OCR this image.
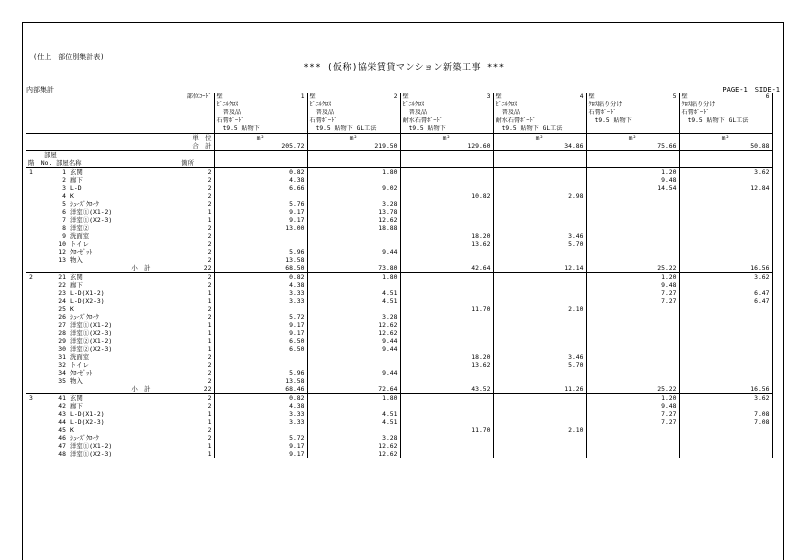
(仕上　部位別集計表)
*** (仮称)協栄賃貸マンション新築工事 ***
内部集計	PAGE-1　SIDE-1
部位ｺｰﾄﾞ		壁 1	壁 2	壁 3	壁 4	壁 5	壁 6

		ﾋﾞﾆﾙｸﾛｽ	ﾋﾞﾆﾙｸﾛｽ	ﾋﾞﾆﾙｸﾛｽ	ﾋﾞﾆﾙｸﾛｽ	ｸﾛｽ貼り分け	ｸﾛｽ貼り分け
		　普及品	　普及品	　普及品	　普及品	石膏ﾎﾞｰﾄﾞ	石膏ﾎﾞｰﾄﾞ
		石膏ﾎﾞｰﾄﾞ	石膏ﾎﾞｰﾄﾞ	耐水石膏ﾎﾞｰﾄﾞ	耐水石膏ﾎﾞｰﾄﾞ	　t9.5 貼物下	　t9.5 貼物下 GL工法
		　t9.5 貼物下	　t9.5 貼物下 GL工法	　t9.5 貼物下	　t9.5 貼物下 GL工法		
単　位		m²	m²	m²	m²	m²	m²
合　計		205.72	219.50	129.60	34.86	75.66	50.88
部屋							

階　No. 部屋名称 箇所							

1 1 玄関	2	0.82	1.80			1.20	3.62

2 廊下	2	4.38				9.48	

3 L-D	2	6.66	9.02			14.54	12.84

4 K	2			10.82	2.98		

5 ｼｭｰｽﾞｸﾛｰｸ	2	5.76	3.28				

6 洋室①(X1-2)	1	9.17	13.78				

7 洋室①(X2-3)	1	9.17	12.62				

8 洋室②	2	13.00	18.88				

9 洗面室	2			18.20	3.46		

10 トイレ	2			13.62	5.70		

12 ｸﾛｰｾﾞｯﾄ	2	5.96	9.44				

13 物入	2	13.58					
小　計	22	68.50	73.80	42.64	12.14	25.22	16.56

2 21 玄関	2	0.82	1.80			1.20	3.62

22 廊下	2	4.38				9.48	

23 L-D(X1-2)	1	3.33	4.51			7.27	6.47

24 L-D(X2-3)	1	3.33	4.51			7.27	6.47

25 K	2			11.70	2.10		

26 ｼｭｰｽﾞｸﾛｰｸ	2	5.72	3.28				

27 洋室①(X1-2)	1	9.17	12.62				

28 洋室①(X2-3)	1	9.17	12.62				

29 洋室②(X1-2)	1	6.50	9.44				

30 洋室②(X2-3)	1	6.50	9.44				

31 洗面室	2			18.20	3.46		

32 トイレ	2			13.62	5.70		

34 ｸﾛｰｾﾞｯﾄ	2	5.96	9.44				

35 物入	2	13.58					
小　計	22	68.46	72.64	43.52	11.26	25.22	16.56

3 41 玄関	2	0.82	1.80			1.20	3.62

42 廊下	2	4.38				9.48	

43 L-D(X1-2)	1	3.33	4.51			7.27	7.08

44 L-D(X2-3)	1	3.33	4.51			7.27	7.08

45 K	2			11.70	2.10		

46 ｼｭｰｽﾞｸﾛｰｸ	2	5.72	3.28				

47 洋室①(X1-2)	1	9.17	12.62				

48 洋室①(X2-3)	1	9.17	12.62				
